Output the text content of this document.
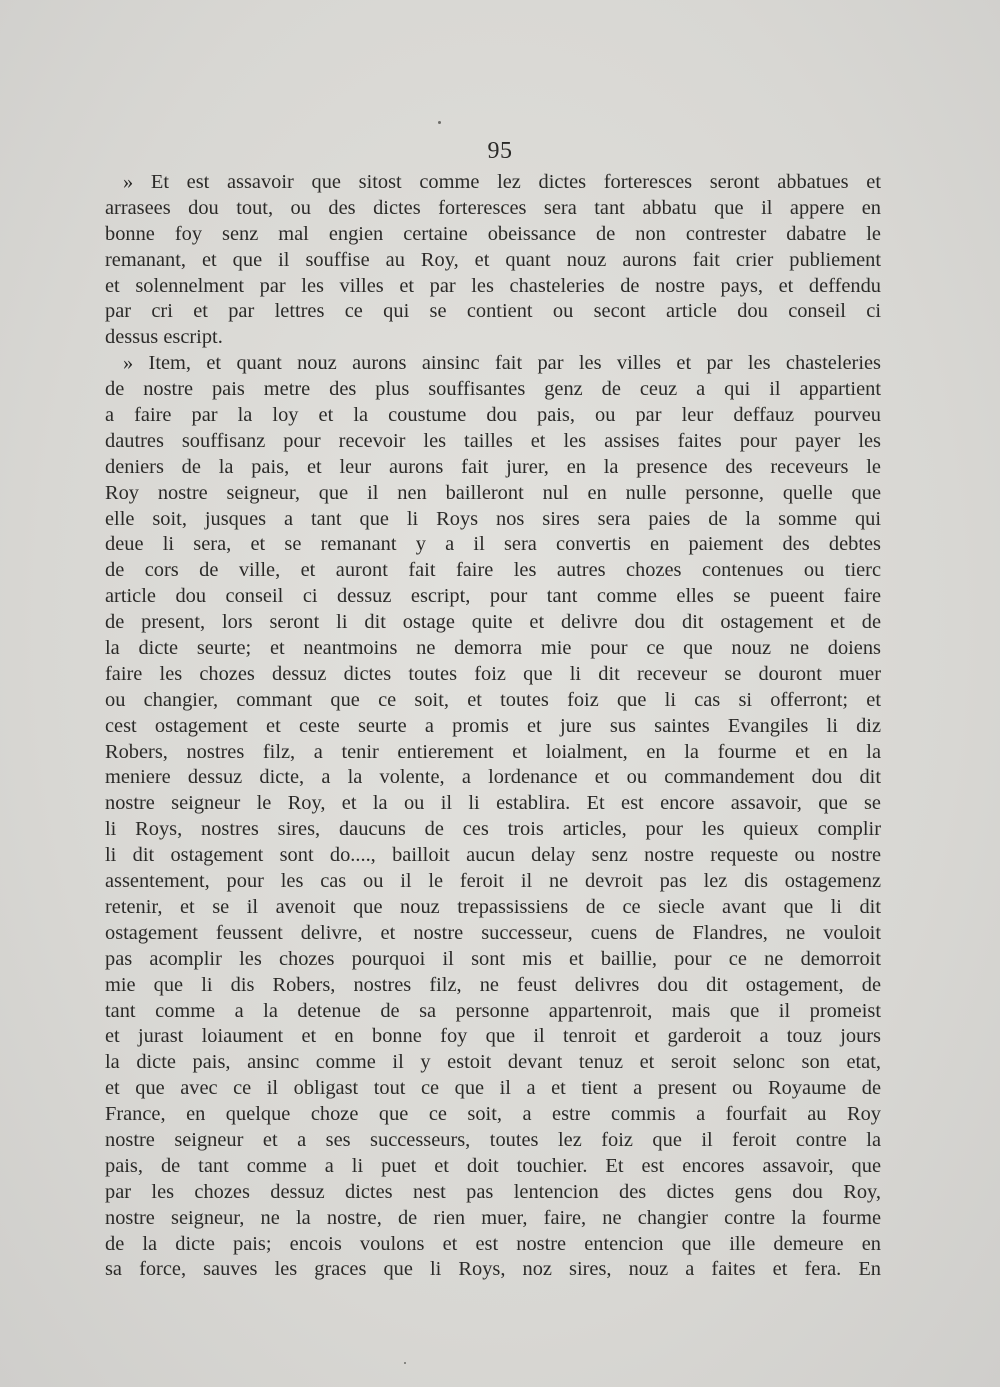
95
» Et est assavoir que sitost comme lez dictes forteresces seront abbatues et
arrasees dou tout, ou des dictes forteresces sera tant abbatu que il appere en
bonne foy senz mal engien certaine obeissance de non contrester dabatre le
remanant, et que il souffise au Roy, et quant nouz aurons fait crier publiement
et solennelment par les villes et par les chasteleries de nostre pays, et deffendu
par cri et par lettres ce qui se contient ou secont article dou conseil ci
dessus escript.
» Item, et quant nouz aurons ainsinc fait par les villes et par les chasteleries
de nostre pais metre des plus souffisantes genz de ceuz a qui il appartient
a faire par la loy et la coustume dou pais, ou par leur deffauz pourveu
dautres souffisanz pour recevoir les tailles et les assises faites pour payer les
deniers de la pais, et leur aurons fait jurer, en la presence des receveurs le
Roy nostre seigneur, que il nen bailleront nul en nulle personne, quelle que
elle soit, jusques a tant que li Roys nos sires sera paies de la somme qui
deue li sera, et se remanant y a il sera convertis en paiement des debtes
de cors de ville, et auront fait faire les autres chozes contenues ou tierc
article dou conseil ci dessuz escript, pour tant comme elles se pueent faire
de present, lors seront li dit ostage quite et delivre dou dit ostagement et de
la dicte seurte; et neantmoins ne demorra mie pour ce que nouz ne doiens
faire les chozes dessuz dictes toutes foiz que li dit receveur se douront muer
ou changier, commant que ce soit, et toutes foiz que li cas si offerront; et
cest ostagement et ceste seurte a promis et jure sus saintes Evangiles li diz
Robers, nostres filz, a tenir entierement et loialment, en la fourme et en la
meniere dessuz dicte, a la volente, a lordenance et ou commandement dou dit
nostre seigneur le Roy, et la ou il li establira. Et est encore assavoir, que se
li Roys, nostres sires, daucuns de ces trois articles, pour les quieux complir
li dit ostagement sont do...., bailloit aucun delay senz nostre requeste ou nostre
assentement, pour les cas ou il le feroit il ne devroit pas lez dis ostagemenz
retenir, et se il avenoit que nouz trepassissiens de ce siecle avant que li dit
ostagement feussent delivre, et nostre successeur, cuens de Flandres, ne vouloit
pas acomplir les chozes pourquoi il sont mis et baillie, pour ce ne demorroit
mie que li dis Robers, nostres filz, ne feust delivres dou dit ostagement, de
tant comme a la detenue de sa personne appartenroit, mais que il promeist
et jurast loiaument et en bonne foy que il tenroit et garderoit a touz jours
la dicte pais, ansinc comme il y estoit devant tenuz et seroit selonc son etat,
et que avec ce il obligast tout ce que il a et tient a present ou Royaume de
France, en quelque choze que ce soit, a estre commis a fourfait au Roy
nostre seigneur et a ses successeurs, toutes lez foiz que il feroit contre la
pais, de tant comme a li puet et doit touchier. Et est encores assavoir, que
par les chozes dessuz dictes nest pas lentencion des dictes gens dou Roy,
nostre seigneur, ne la nostre, de rien muer, faire, ne changier contre la fourme
de la dicte pais; encois voulons et est nostre entencion que ille demeure en
sa force, sauves les graces que li Roys, noz sires, nouz a faites et fera. En
